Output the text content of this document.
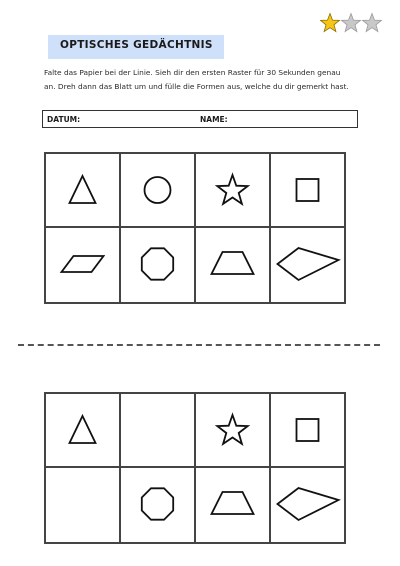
OPTISCHES GEDÄCHTNIS
Falte das Papier bei der Linie. Sieh dir den ersten Raster für 30 Sekunden genau
an. Dreh dann das Blatt um und fülle die Formen aus, welche du dir gemerkt hast.
DATUM:	NAME:
